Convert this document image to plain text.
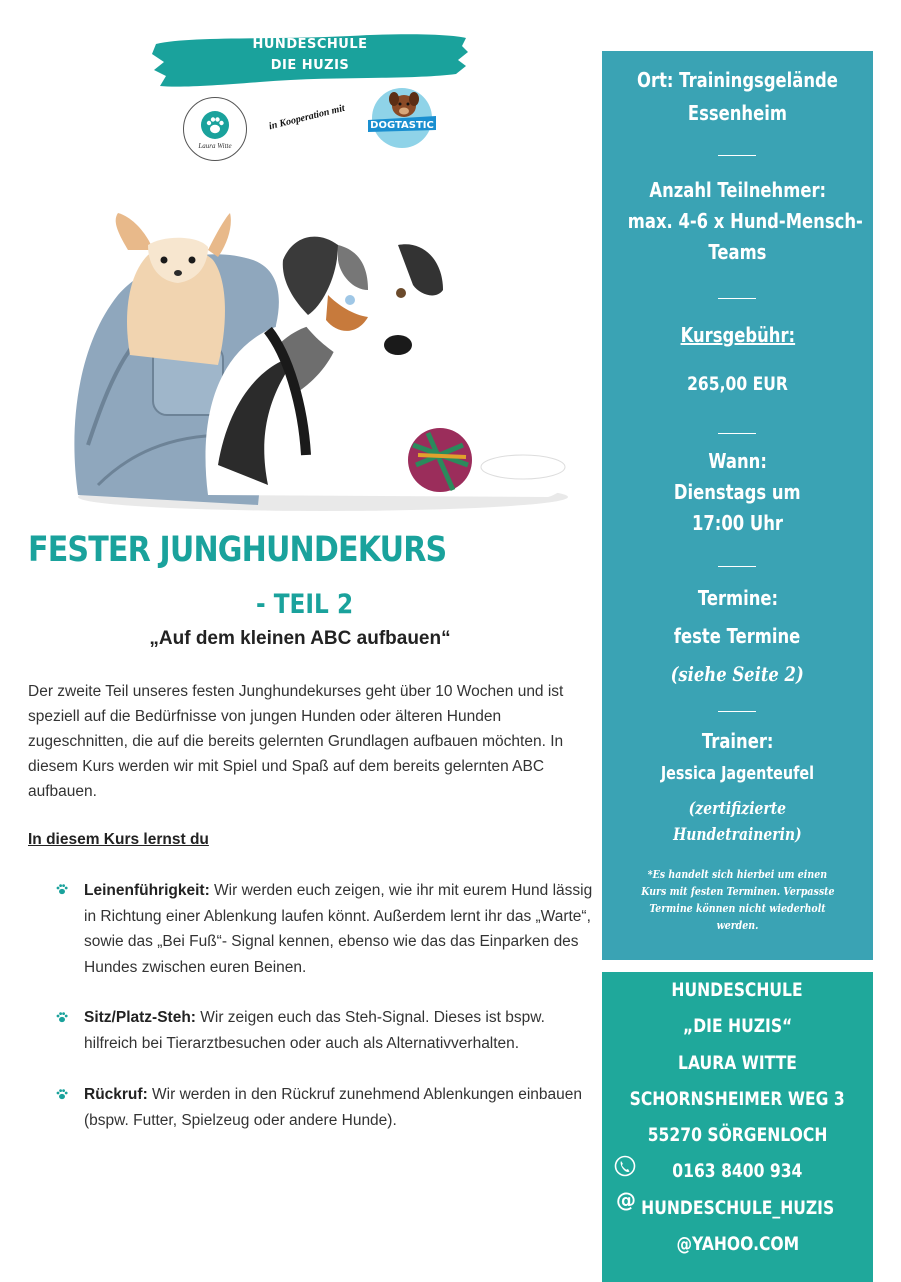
HUNDESCHULE
DIE HUZIS
Laura Witte
in Kooperation mit DOGTASTIC
FESTER JUNGHUNDEKURS
- TEIL 2
„Auf dem kleinen ABC aufbauen“
Der zweite Teil unseres festen Junghundekurses geht über 10 Wochen und ist speziell auf die Bedürfnisse von jungen Hunden oder älteren Hunden zugeschnitten, die auf die bereits gelernten Grundlagen aufbauen möchten. In diesem Kurs werden wir mit Spiel und Spaß auf dem bereits gelernten ABC aufbauen.
In diesem Kurs lernst du
Leinenführigkeit: Wir werden euch zeigen, wie ihr mit eurem Hund lässig in Richtung einer Ablenkung laufen könnt. Außerdem lernt ihr das „Warte“, sowie das „Bei Fuß“- Signal kennen, ebenso wie das das Einparken des Hundes zwischen euren Beinen.
Sitz/Platz-Steh: Wir zeigen euch das Steh-Signal. Dieses ist bspw. hilfreich bei Tierarztbesuchen oder auch als Alternativverhalten.
Rückruf: Wir werden in den Rückruf zunehmend Ablenkungen einbauen (bspw. Futter, Spielzeug oder andere Hunde).
Ort: Trainingsgelände
Essenheim
Anzahl Teilnehmer:
max. 4-6 x Hund-Mensch-
Teams
Kursgebühr:
265,00 EUR
Wann:
Dienstags um
17:00 Uhr
Termine:
feste Termine
(siehe Seite 2)
Trainer:
Jessica Jagenteufel
(zertifizierte
Hundetrainerin)
*Es handelt sich hierbei um einen
Kurs mit festen Terminen. Verpasste
Termine können nicht wiederholt
werden.
HUNDESCHULE
„DIE HUZIS“
LAURA WITTE
SCHORNSHEIMER WEG 3
55270 SÖRGENLOCH
0163 8400 934
HUNDESCHULE_HUZIS
@YAHOO.COM
@
